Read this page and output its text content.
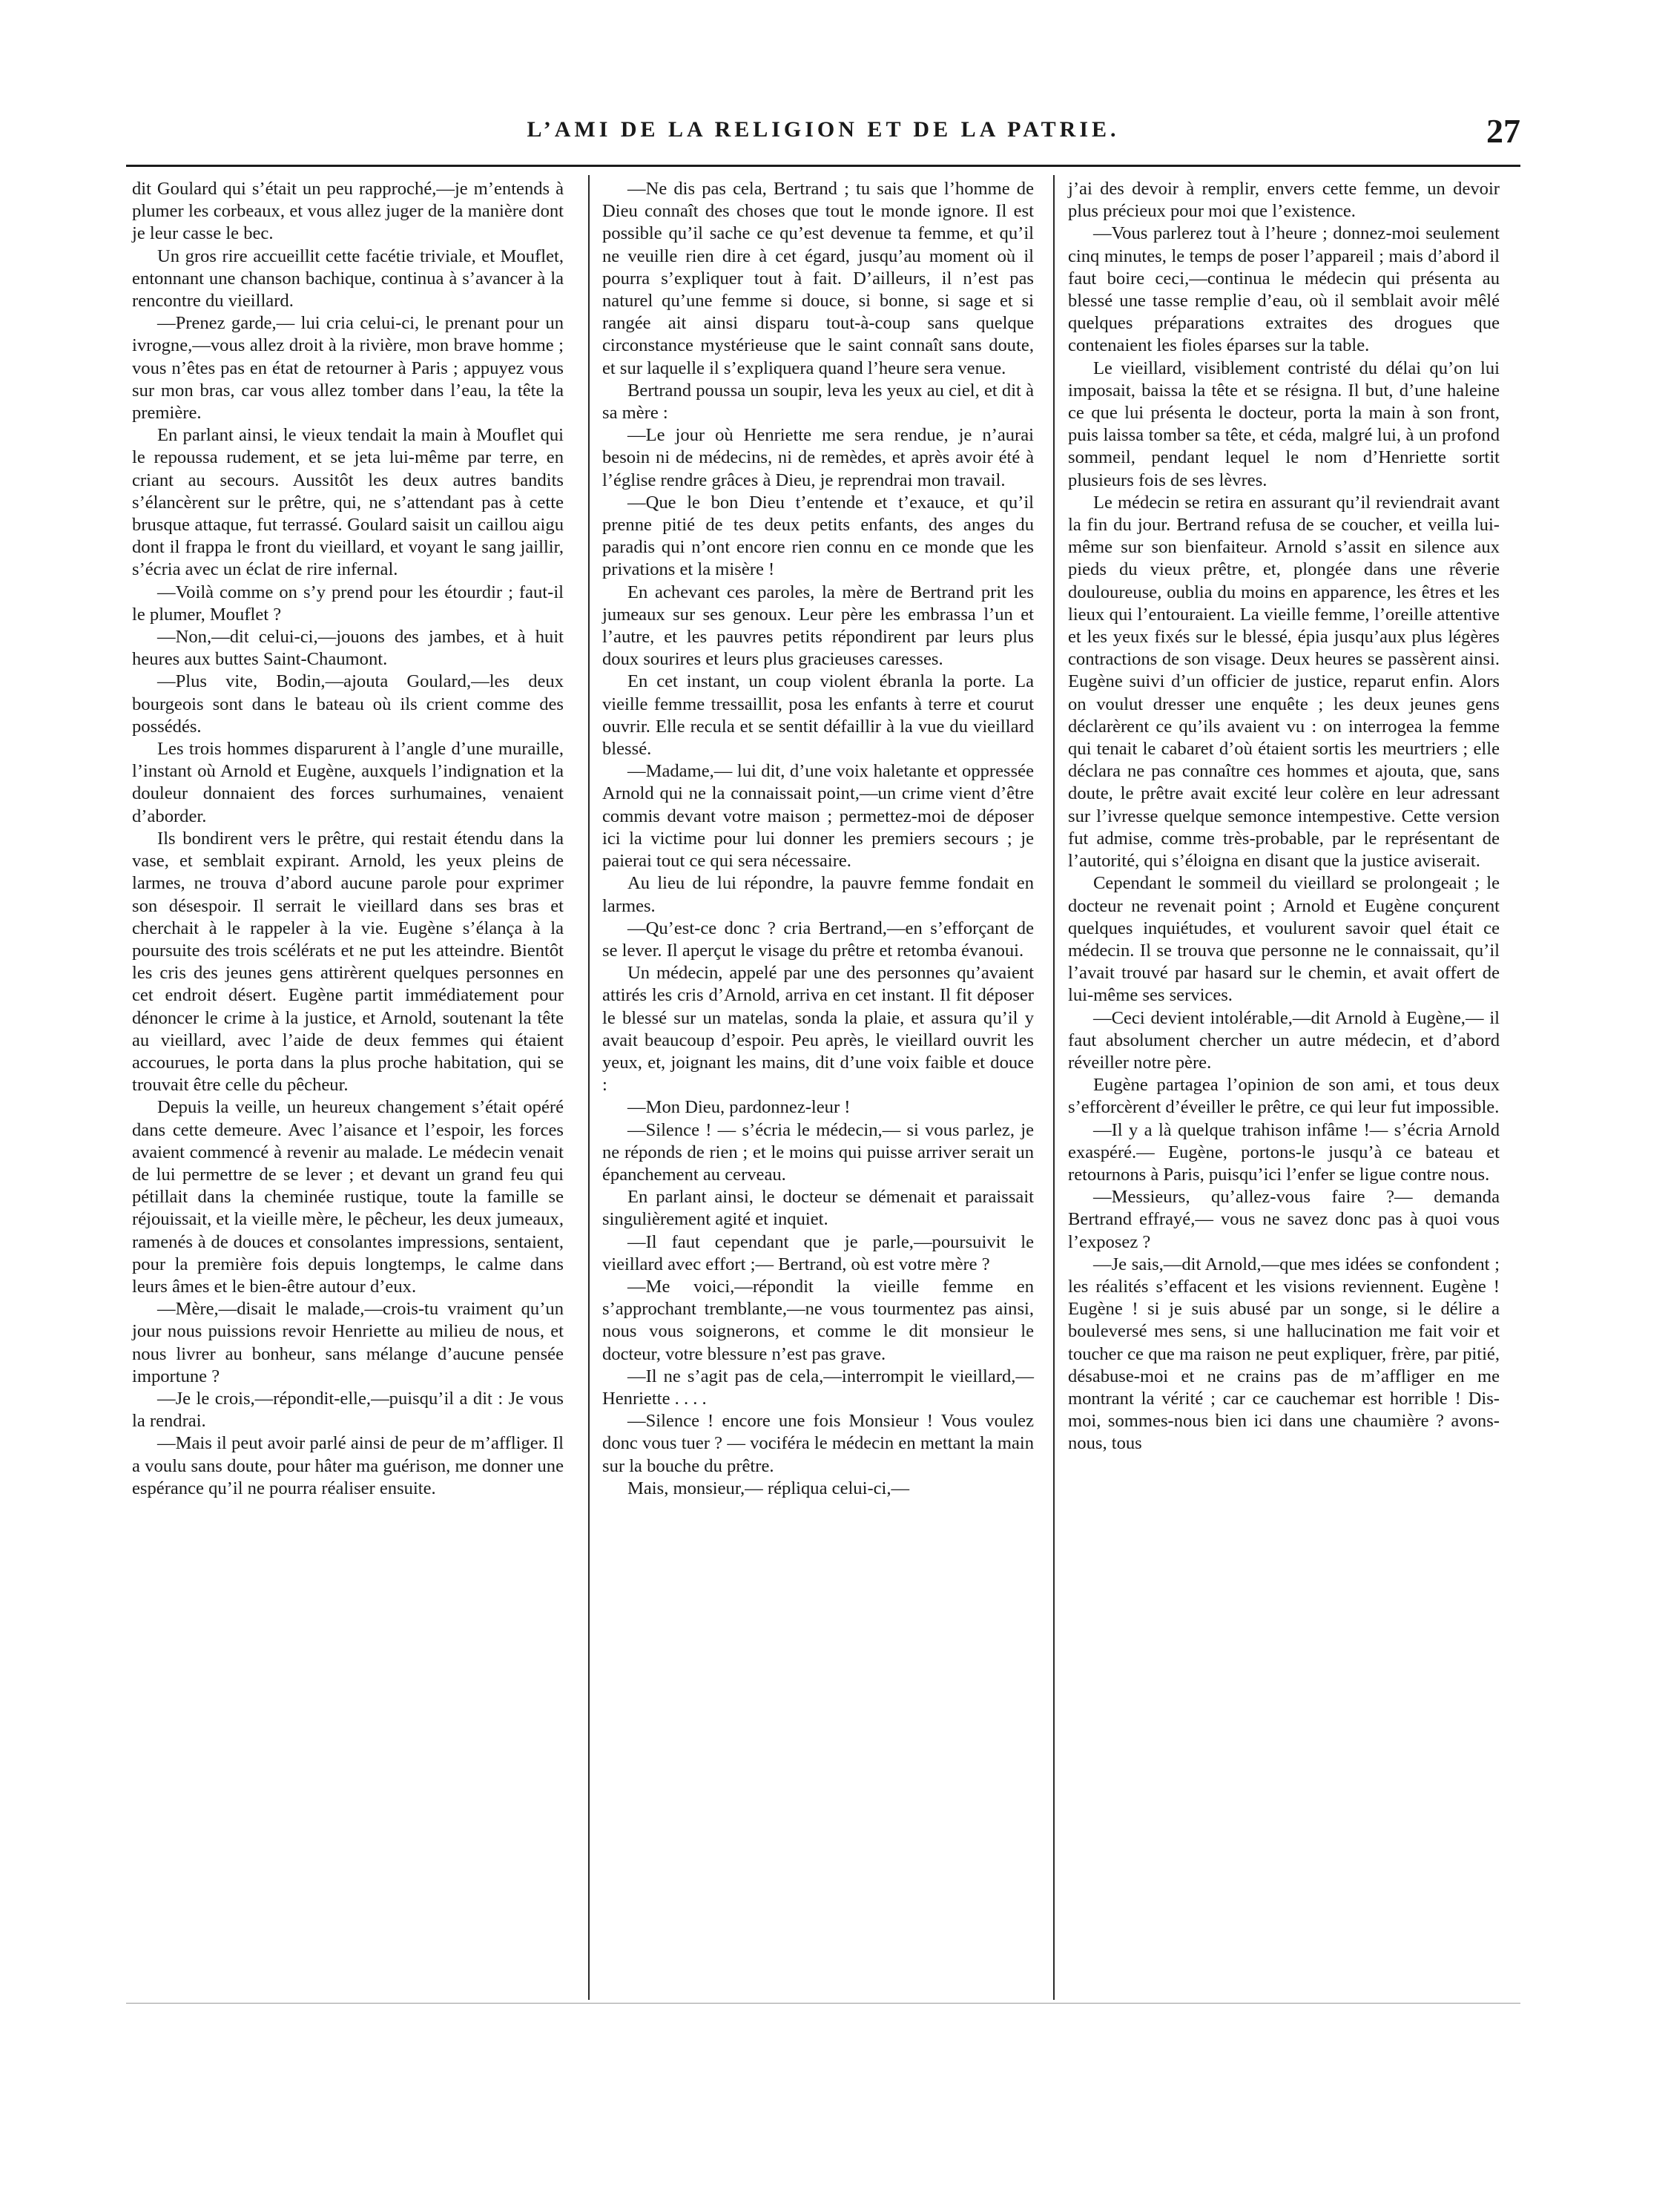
L’AMI DE LA RELIGION ET DE LA PATRIE.	27

dit Goulard qui s’était un peu rapproché,—je m’entends à plumer les corbeaux, et vous allez juger de la manière dont je leur casse le bec.

Un gros rire accueillit cette facétie triviale, et Mouflet, entonnant une chanson bachique, continua à s’avancer à la rencontre du vieillard.

—Prenez garde,— lui cria celui-ci, le prenant pour un ivrogne,—vous allez droit à la rivière, mon brave homme ; vous n’êtes pas en état de retourner à Paris ; appuyez vous sur mon bras, car vous allez tomber dans l’eau, la tête la première.

En parlant ainsi, le vieux tendait la main à Mouflet qui le repoussa rudement, et se jeta lui-même par terre, en criant au secours. Aussitôt les deux autres bandits s’élancèrent sur le prêtre, qui, ne s’attendant pas à cette brusque attaque, fut terrassé. Goulard saisit un caillou aigu dont il frappa le front du vieillard, et voyant le sang jaillir, s’écria avec un éclat de rire infernal.

—Voilà comme on s’y prend pour les étourdir ; faut-il le plumer, Mouflet ?

—Non,—dit celui-ci,—jouons des jambes, et à huit heures aux buttes Saint-Chaumont.

—Plus vite, Bodin,—ajouta Goulard,—les deux bourgeois sont dans le bateau où ils crient comme des possédés.

Les trois hommes disparurent à l’angle d’une muraille, l’instant où Arnold et Eugène, auxquels l’indignation et la douleur donnaient des forces surhumaines, venaient d’aborder.

Ils bondirent vers le prêtre, qui restait étendu dans la vase, et semblait expirant. Arnold, les yeux pleins de larmes, ne trouva d’abord aucune parole pour exprimer son désespoir. Il serrait le vieillard dans ses bras et cherchait à le rappeler à la vie. Eugène s’élança à la poursuite des trois scélérats et ne put les atteindre. Bientôt les cris des jeunes gens attirèrent quelques personnes en cet endroit désert. Eugène partit immédiatement pour dénoncer le crime à la justice, et Arnold, soutenant la tête au vieillard, avec l’aide de deux femmes qui étaient accourues, le porta dans la plus proche habitation, qui se trouvait être celle du pêcheur.

Depuis la veille, un heureux changement s’était opéré dans cette demeure. Avec l’aisance et l’espoir, les forces avaient commencé à revenir au malade. Le médecin venait de lui permettre de se lever ; et devant un grand feu qui pétillait dans la cheminée rustique, toute la famille se réjouissait, et la vieille mère, le pêcheur, les deux jumeaux, ramenés à de douces et consolantes impressions, sentaient, pour la première fois depuis longtemps, le calme dans leurs âmes et le bien-être autour d’eux.

—Mère,—disait le malade,—crois-tu vraiment qu’un jour nous puissions revoir Henriette au milieu de nous, et nous livrer au bonheur, sans mélange d’aucune pensée importune ?

—Je le crois,—répondit-elle,—puisqu’il a dit : Je vous la rendrai.

—Mais il peut avoir parlé ainsi de peur de m’affliger. Il a voulu sans doute, pour hâter ma guérison, me donner une espérance qu’il ne pourra réaliser ensuite.

—Ne dis pas cela, Bertrand ; tu sais que l’homme de Dieu connaît des choses que tout le monde ignore. Il est possible qu’il sache ce qu’est devenue ta femme, et qu’il ne veuille rien dire à cet égard, jusqu’au moment où il pourra s’expliquer tout à fait. D’ailleurs, il n’est pas naturel qu’une femme si douce, si bonne, si sage et si rangée ait ainsi disparu tout-à-coup sans quelque circonstance mystérieuse que le saint connaît sans doute, et sur laquelle il s’expliquera quand l’heure sera venue.

Bertrand poussa un soupir, leva les yeux au ciel, et dit à sa mère :

—Le jour où Henriette me sera rendue, je n’aurai besoin ni de médecins, ni de remèdes, et après avoir été à l’église rendre grâces à Dieu, je reprendrai mon travail.

—Que le bon Dieu t’entende et t’exauce, et qu’il prenne pitié de tes deux petits enfants, des anges du paradis qui n’ont encore rien connu en ce monde que les privations et la misère !

En achevant ces paroles, la mère de Bertrand prit les jumeaux sur ses genoux. Leur père les embrassa l’un et l’autre, et les pauvres petits répondirent par leurs plus doux sourires et leurs plus gracieuses caresses.

En cet instant, un coup violent ébranla la porte. La vieille femme tressaillit, posa les enfants à terre et courut ouvrir. Elle recula et se sentit défaillir à la vue du vieillard blessé.

—Madame,— lui dit, d’une voix haletante et oppressée Arnold qui ne la connaissait point,—un crime vient d’être commis devant votre maison ; permettez-moi de déposer ici la victime pour lui donner les premiers secours ; je paierai tout ce qui sera nécessaire.

Au lieu de lui répondre, la pauvre femme fondait en larmes.

—Qu’est-ce donc ? cria Bertrand,—en s’efforçant de se lever. Il aperçut le visage du prêtre et retomba évanoui.

Un médecin, appelé par une des personnes qu’avaient attirés les cris d’Arnold, arriva en cet instant. Il fit déposer le blessé sur un matelas, sonda la plaie, et assura qu’il y avait beaucoup d’espoir. Peu après, le vieillard ouvrit les yeux, et, joignant les mains, dit d’une voix faible et douce :

—Mon Dieu, pardonnez-leur !

—Silence ! — s’écria le médecin,— si vous parlez, je ne réponds de rien ; et le moins qui puisse arriver serait un épanchement au cerveau.

En parlant ainsi, le docteur se démenait et paraissait singulièrement agité et inquiet.

—Il faut cependant que je parle,—poursuivit le vieillard avec effort ;— Bertrand, où est votre mère ?

—Me voici,—répondit la vieille femme en s’approchant tremblante,—ne vous tourmentez pas ainsi, nous vous soignerons, et comme le dit monsieur le docteur, votre blessure n’est pas grave.

—Il ne s’agit pas de cela,—interrompit le vieillard,—Henriette . . . .

—Silence ! encore une fois Monsieur ! Vous voulez donc vous tuer ? — vociféra le médecin en mettant la main sur la bouche du prêtre.

Mais, monsieur,— répliqua celui-ci,—

j’ai des devoir à remplir, envers cette femme, un devoir plus précieux pour moi que l’existence.

—Vous parlerez tout à l’heure ; donnez-moi seulement cinq minutes, le temps de poser l’appareil ; mais d’abord il faut boire ceci,—continua le médecin qui présenta au blessé une tasse remplie d’eau, où il semblait avoir mêlé quelques préparations extraites des drogues que contenaient les fioles éparses sur la table.

Le vieillard, visiblement contristé du délai qu’on lui imposait, baissa la tête et se résigna. Il but, d’une haleine ce que lui présenta le docteur, porta la main à son front, puis laissa tomber sa tête, et céda, malgré lui, à un profond sommeil, pendant lequel le nom d’Henriette sortit plusieurs fois de ses lèvres.

Le médecin se retira en assurant qu’il reviendrait avant la fin du jour. Bertrand refusa de se coucher, et veilla lui-même sur son bienfaiteur. Arnold s’assit en silence aux pieds du vieux prêtre, et, plongée dans une rêverie douloureuse, oublia du moins en apparence, les êtres et les lieux qui l’entouraient. La vieille femme, l’oreille attentive et les yeux fixés sur le blessé, épia jusqu’aux plus légères contractions de son visage. Deux heures se passèrent ainsi. Eugène suivi d’un officier de justice, reparut enfin. Alors on voulut dresser une enquête ; les deux jeunes gens déclarèrent ce qu’ils avaient vu : on interrogea la femme qui tenait le cabaret d’où étaient sortis les meurtriers ; elle déclara ne pas connaître ces hommes et ajouta, que, sans doute, le prêtre avait excité leur colère en leur adressant sur l’ivresse quelque semonce intempestive. Cette version fut admise, comme très-probable, par le représentant de l’autorité, qui s’éloigna en disant que la justice aviserait.

Cependant le sommeil du vieillard se prolongeait ; le docteur ne revenait point ; Arnold et Eugène conçurent quelques inquiétudes, et voulurent savoir quel était ce médecin. Il se trouva que personne ne le connaissait, qu’il l’avait trouvé par hasard sur le chemin, et avait offert de lui-même ses services.

—Ceci devient intolérable,—dit Arnold à Eugène,— il faut absolument chercher un autre médecin, et d’abord réveiller notre père.

Eugène partagea l’opinion de son ami, et tous deux s’efforcèrent d’éveiller le prêtre, ce qui leur fut impossible.

—Il y a là quelque trahison infâme !— s’écria Arnold exaspéré.— Eugène, portons-le jusqu’à ce bateau et retournons à Paris, puisqu’ici l’enfer se ligue contre nous.

—Messieurs, qu’allez-vous faire ?— demanda Bertrand effrayé,— vous ne savez donc pas à quoi vous l’exposez ?

—Je sais,—dit Arnold,—que mes idées se confondent ; les réalités s’effacent et les visions reviennent. Eugène ! Eugène ! si je suis abusé par un songe, si le délire a bouleversé mes sens, si une hallucination me fait voir et toucher ce que ma raison ne peut expliquer, frère, par pitié, désabuse-moi et ne crains pas de m’affliger en me montrant la vérité ; car ce cauchemar est horrible ! Dis-moi, sommes-nous bien ici dans une chaumière ? avons-nous, tous
